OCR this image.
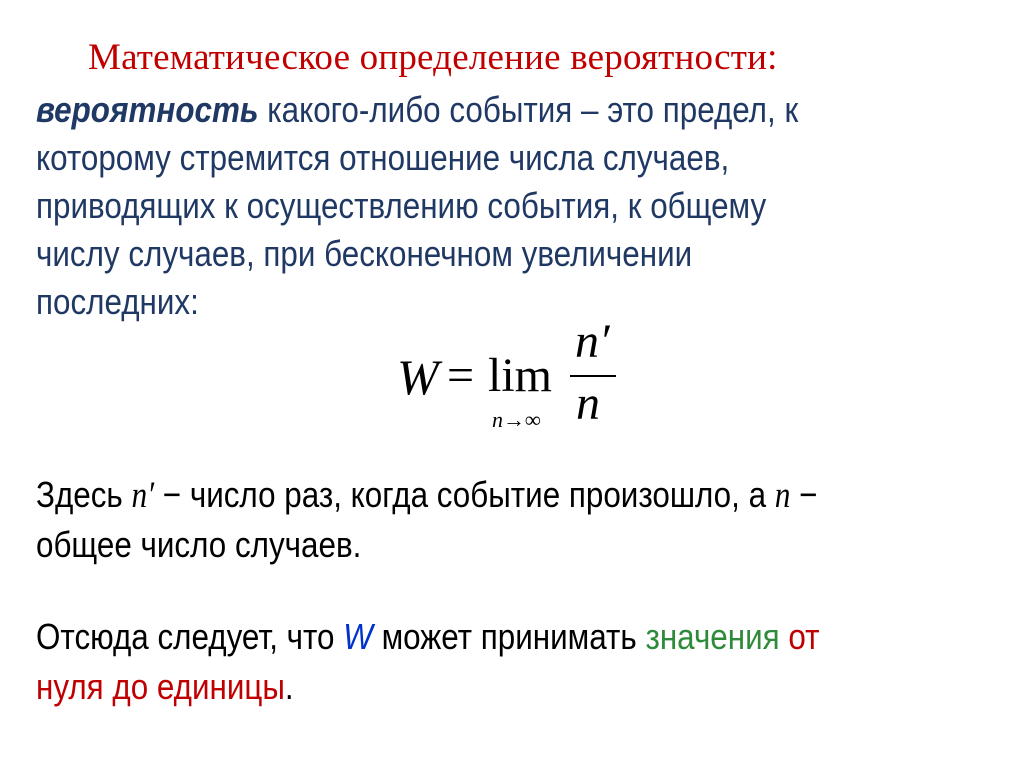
Математическое определение вероятности:
вероятность какого-либо события – это предел, к
которому стремится отношение числа случаев,
приводящих к осуществлению события, к общему
числу случаев, при бесконечном увеличении
последних:
W = lim
n→∞
n′
n
Здесь n′ − число раз, когда событие произошло, а n −
общее число случаев.
Отсюда следует, что W может принимать значения от
нуля до единицы.
